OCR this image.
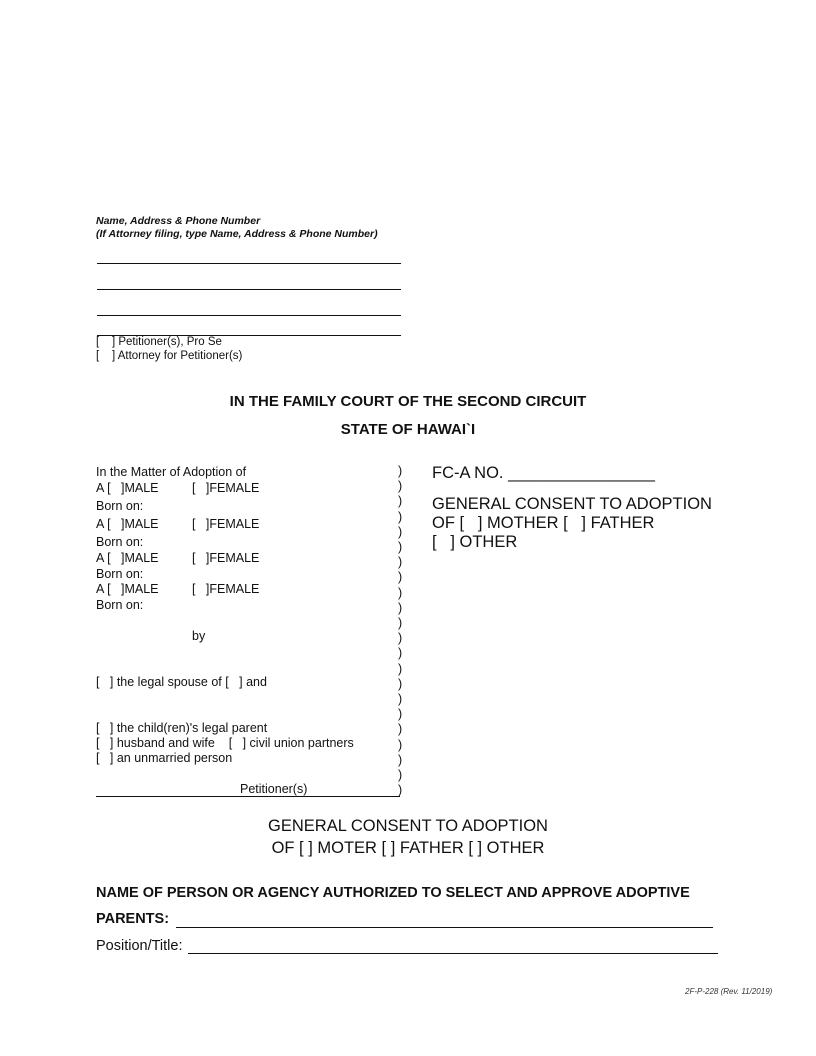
Name, Address & Phone Number
(If Attorney filing, type Name, Address & Phone Number)
[    ] Petitioner(s), Pro Se
[    ] Attorney for Petitioner(s)
IN THE FAMILY COURT OF THE SECOND CIRCUIT
STATE OF HAWAI`I
In the Matter of Adoption of
A [   ]MALE	[   ]FEMALE
Born on:
A [   ]MALE	[   ]FEMALE
Born on:
A [   ]MALE	[   ]FEMALE
Born on:
A [   ]MALE	[   ]FEMALE
Born on:
by
[   ] the legal spouse of [   ] and
[   ] the child(ren)'s legal parent
[   ] husband and wife    [   ] civil union partners
[   ] an unmarried person
Petitioner(s)
)
)
)
)
)
)
)
)
)
)
)
)
)
)
)
)
)
)
)
)
)
)
FC-A NO. ________________
GENERAL CONSENT TO ADOPTION
OF [   ] MOTHER [   ] FATHER
[   ] OTHER
GENERAL CONSENT TO ADOPTION
OF [ ] MOTER [ ] FATHER [ ] OTHER
NAME OF PERSON OR AGENCY AUTHORIZED TO SELECT AND APPROVE ADOPTIVE
PARENTS:
Position/Title:
2F-P-228 (Rev. 11/2019)
